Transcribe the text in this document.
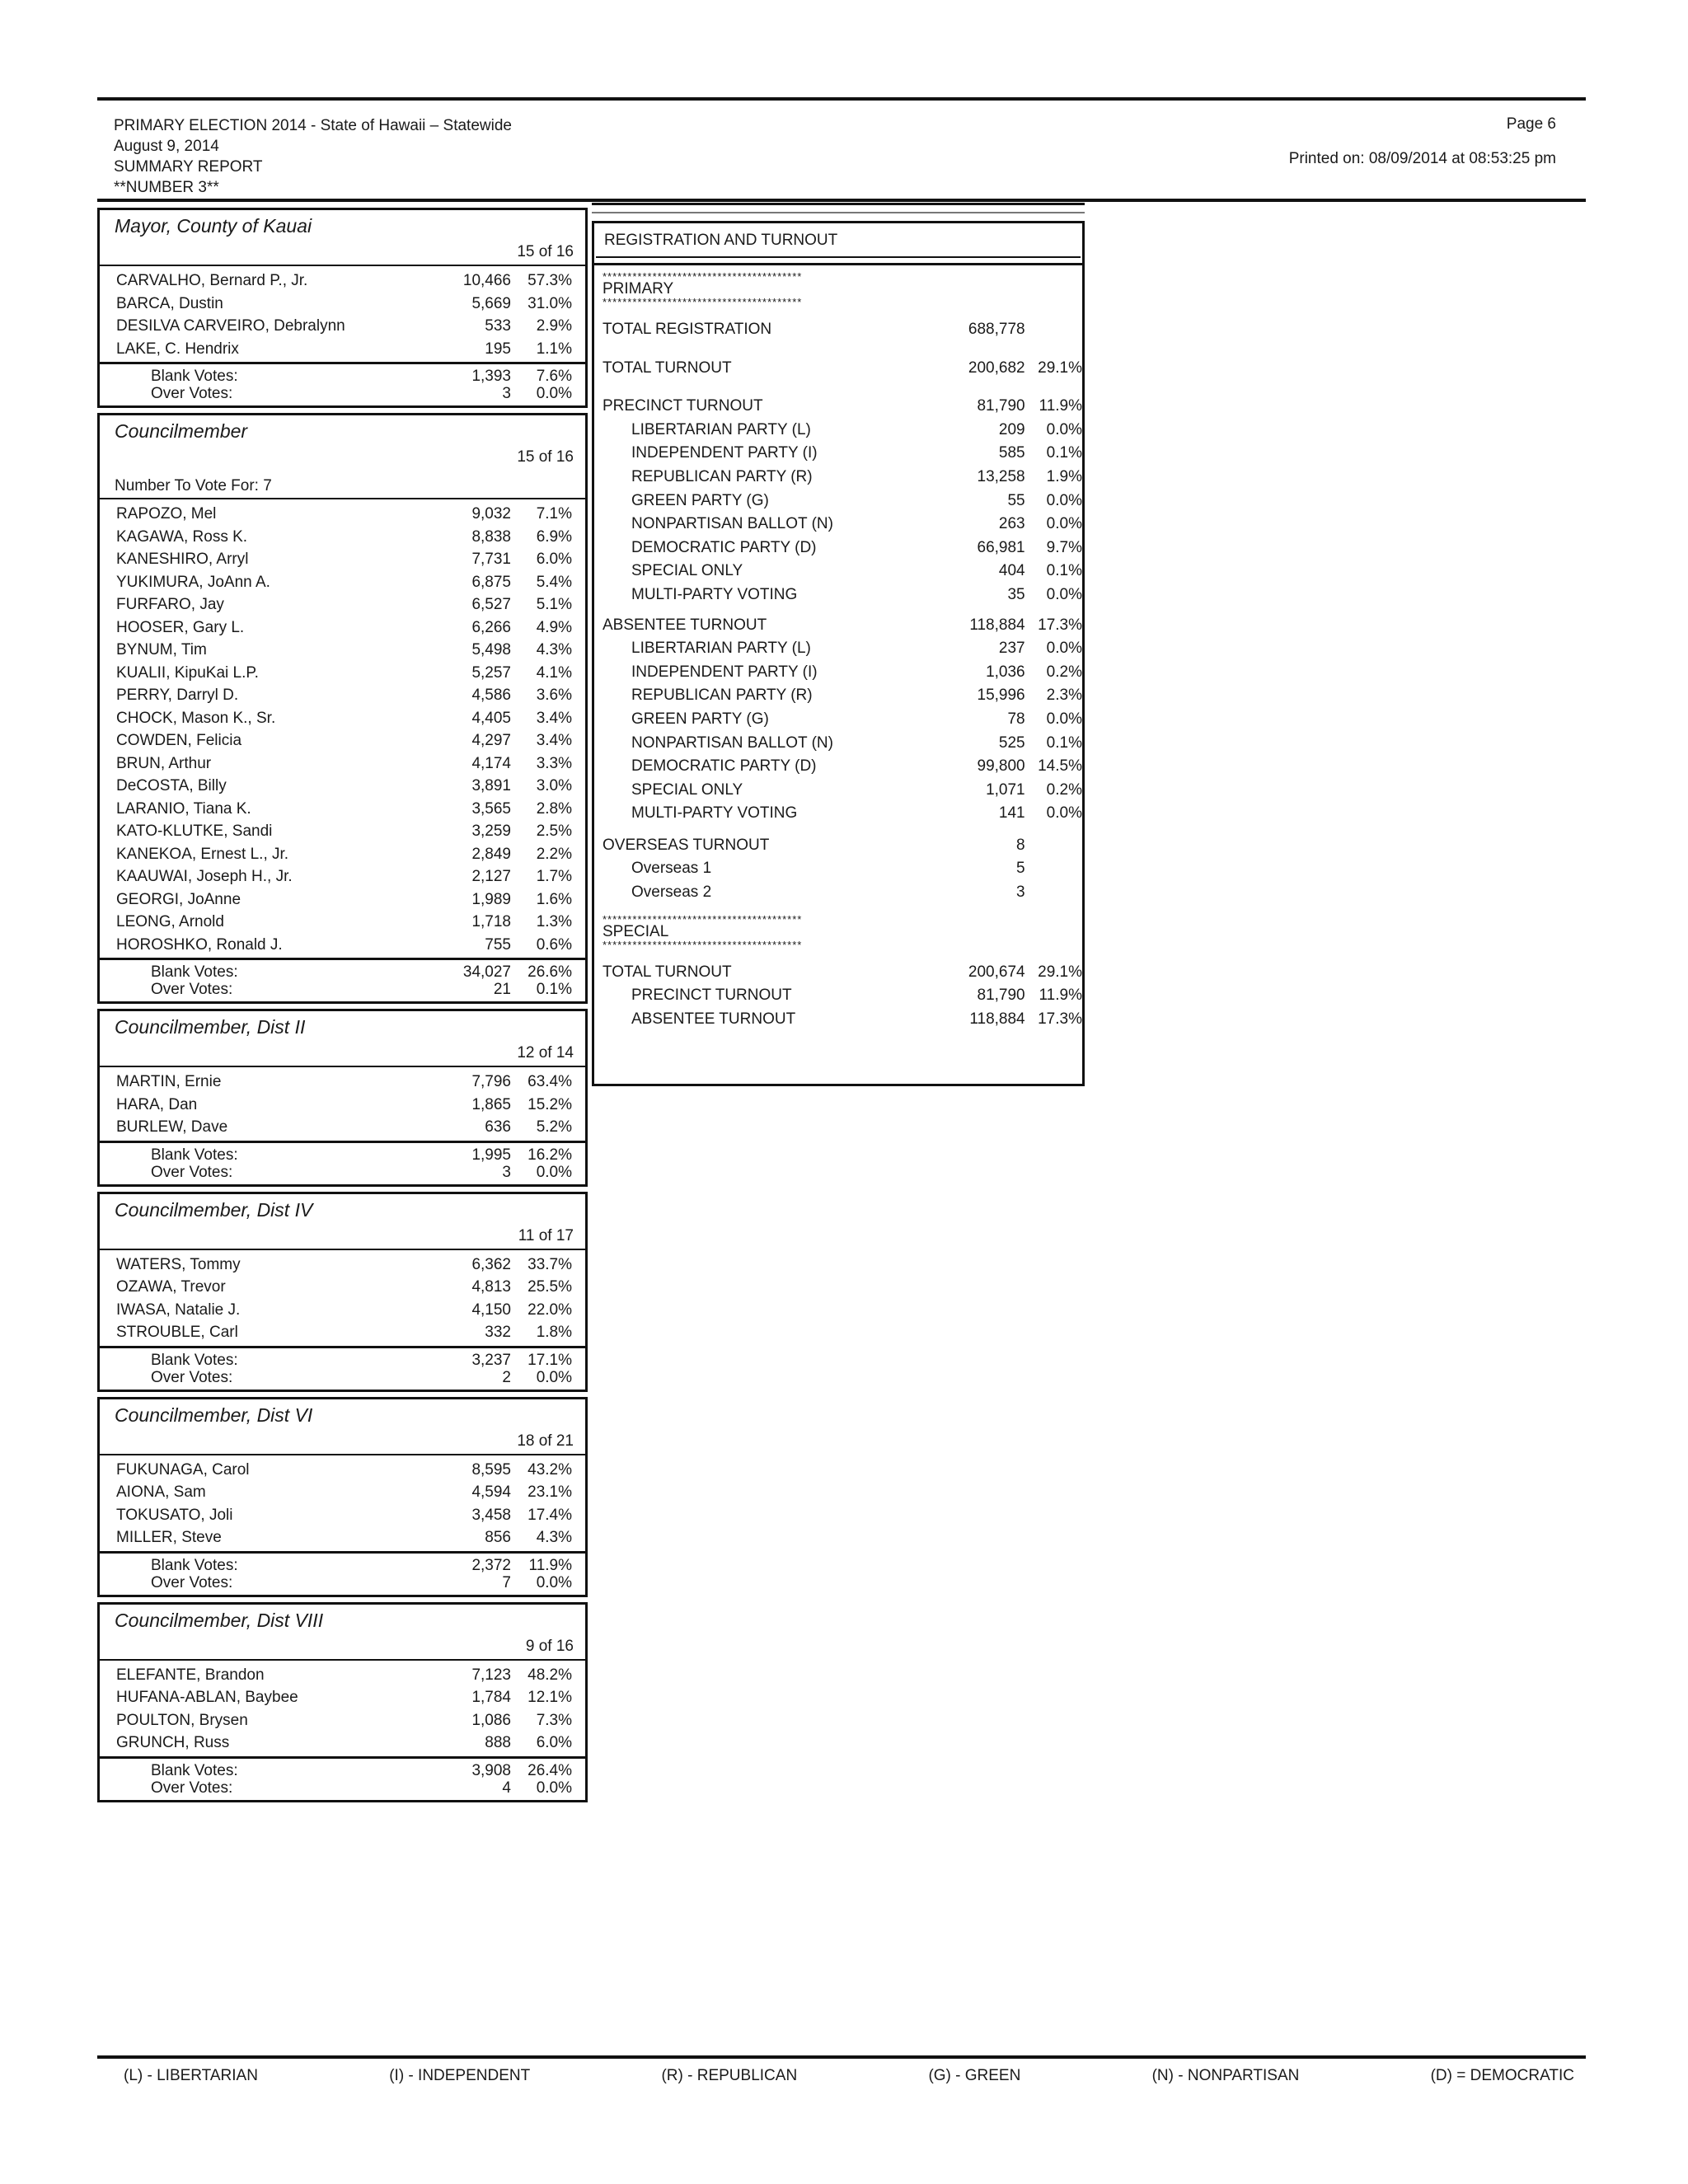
PRIMARY ELECTION 2014 - State of Hawaii – Statewide
August 9, 2014
SUMMARY REPORT
**NUMBER 3**
Page 6
Printed on: 08/09/2014 at 08:53:25 pm
Mayor, County of Kauai
15 of 16
CARVALHO, Bernard P., Jr.	10,466	57.3%
BARCA, Dustin	5,669	31.0%
DESILVA CARVEIRO, Debralynn	533	2.9%
LAKE, C. Hendrix	195	1.1%
Blank Votes:	1,393	7.6%
Over Votes:	3	0.0%
Councilmember
15 of 16
Number To Vote For: 7
RAPOZO, Mel	9,032	7.1%
KAGAWA, Ross K.	8,838	6.9%
KANESHIRO, Arryl	7,731	6.0%
YUKIMURA, JoAnn A.	6,875	5.4%
FURFARO, Jay	6,527	5.1%
HOOSER, Gary L.	6,266	4.9%
BYNUM, Tim	5,498	4.3%
KUALII, KipuKai L.P.	5,257	4.1%
PERRY, Darryl D.	4,586	3.6%
CHOCK, Mason K., Sr.	4,405	3.4%
COWDEN, Felicia	4,297	3.4%
BRUN, Arthur	4,174	3.3%
DeCOSTA, Billy	3,891	3.0%
LARANIO, Tiana K.	3,565	2.8%
KATO-KLUTKE, Sandi	3,259	2.5%
KANEKOA, Ernest L., Jr.	2,849	2.2%
KAAUWAI, Joseph H., Jr.	2,127	1.7%
GEORGI, JoAnne	1,989	1.6%
LEONG, Arnold	1,718	1.3%
HOROSHKO, Ronald J.	755	0.6%
Blank Votes:	34,027	26.6%
Over Votes:	21	0.1%
Councilmember, Dist II
12 of 14
MARTIN, Ernie	7,796	63.4%
HARA, Dan	1,865	15.2%
BURLEW, Dave	636	5.2%
Blank Votes:	1,995	16.2%
Over Votes:	3	0.0%
Councilmember, Dist IV
11 of 17
WATERS, Tommy	6,362	33.7%
OZAWA, Trevor	4,813	25.5%
IWASA, Natalie J.	4,150	22.0%
STROUBLE, Carl	332	1.8%
Blank Votes:	3,237	17.1%
Over Votes:	2	0.0%
Councilmember, Dist VI
18 of 21
FUKUNAGA, Carol	8,595	43.2%
AIONA, Sam	4,594	23.1%
TOKUSATO, Joli	3,458	17.4%
MILLER, Steve	856	4.3%
Blank Votes:	2,372	11.9%
Over Votes:	7	0.0%
Councilmember, Dist VIII
9 of 16
ELEFANTE, Brandon	7,123	48.2%
HUFANA-ABLAN, Baybee	1,784	12.1%
POULTON, Brysen	1,086	7.3%
GRUNCH, Russ	888	6.0%
Blank Votes:	3,908	26.4%
Over Votes:	4	0.0%
REGISTRATION AND TURNOUT
****************************************
PRIMARY
****************************************
TOTAL REGISTRATION	688,778
TOTAL TURNOUT	200,682 29.1%
PRECINCT TURNOUT	81,790 11.9%
LIBERTARIAN PARTY (L)	209	0.0%
INDEPENDENT PARTY (I)	585	0.1%
REPUBLICAN PARTY (R)	13,258	1.9%
GREEN PARTY (G)	55	0.0%
NONPARTISAN BALLOT (N)	263	0.0%
DEMOCRATIC PARTY (D)	66,981	9.7%
SPECIAL ONLY	404	0.1%
MULTI-PARTY VOTING	35	0.0%
ABSENTEE TURNOUT	118,884 17.3%
LIBERTARIAN PARTY (L)	237	0.0%
INDEPENDENT PARTY (I)	1,036	0.2%
REPUBLICAN PARTY (R)	15,996	2.3%
GREEN PARTY (G)	78	0.0%
NONPARTISAN BALLOT (N)	525	0.1%
DEMOCRATIC PARTY (D)	99,800 14.5%
SPECIAL ONLY	1,071	0.2%
MULTI-PARTY VOTING	141	0.0%
OVERSEAS TURNOUT	8
Overseas 1	5
Overseas 2	3
****************************************
SPECIAL
****************************************
TOTAL TURNOUT	200,674 29.1%
PRECINCT TURNOUT	81,790 11.9%
ABSENTEE TURNOUT	118,884 17.3%
(L) - LIBERTARIAN	(I) - INDEPENDENT	(R) - REPUBLICAN	(G) - GREEN	(N) - NONPARTISAN	(D) = DEMOCRATIC
